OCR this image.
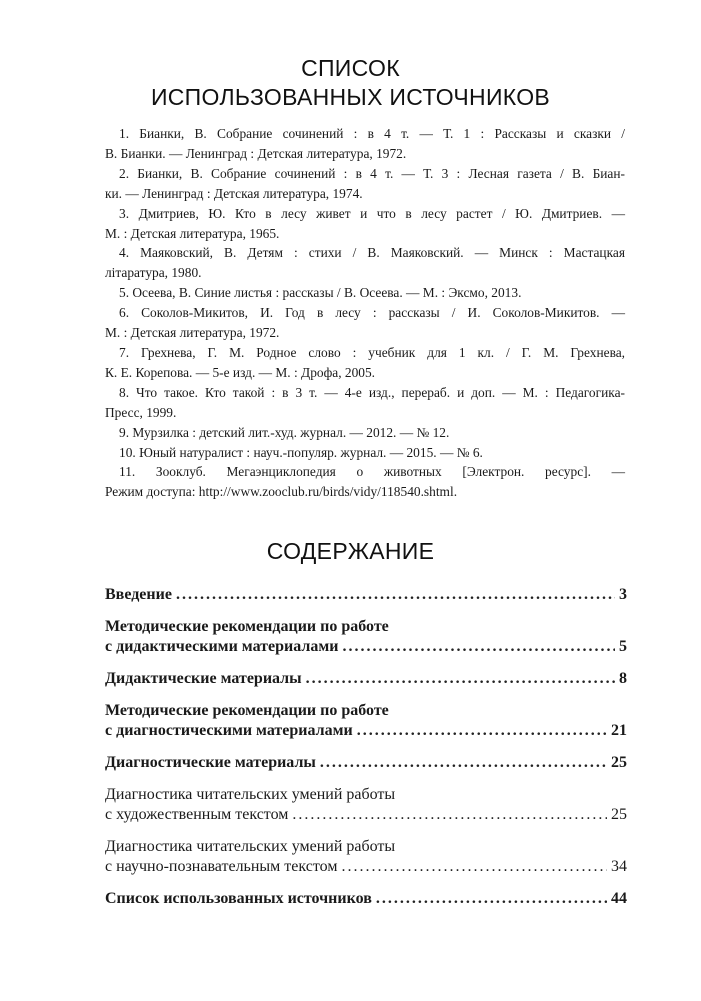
СПИСОК
ИСПОЛЬЗОВАННЫХ ИСТОЧНИКОВ
1. Бианки, В. Собрание сочинений : в 4 т. — Т. 1 : Рассказы и сказки /
В. Бианки. — Ленинград : Детская литература, 1972.
2. Бианки, В. Собрание сочинений : в 4 т. — Т. 3 : Лесная газета / В. Биан-
ки. — Ленинград : Детская литература, 1974.
3. Дмитриев, Ю. Кто в лесу живет и что в лесу растет / Ю. Дмитриев. —
М. : Детская литература, 1965.
4. Маяковский, В. Детям : стихи / В. Маяковский. — Минск : Мастацкая
літаратура, 1980.
5. Осеева, В. Синие листья : рассказы / В. Осеева. — М. : Эксмо, 2013.
6. Соколов-Микитов, И. Год в лесу : рассказы / И. Соколов-Микитов. —
М. : Детская литература, 1972.
7. Грехнева, Г. М. Родное слово : учебник для 1 кл. / Г. М. Грехнева,
К. Е. Корепова. — 5-е изд. — М. : Дрофа, 2005.
8. Что такое. Кто такой : в 3 т. — 4-е изд., перераб. и доп. — М. : Педагогика-
Пресс, 1999.
9. Мурзилка : детский лит.-худ. журнал. — 2012. — № 12.
10. Юный натуралист : науч.-популяр. журнал. — 2015. — № 6.
11. Зооклуб. Мегаэнциклопедия о животных [Электрон. ресурс]. —
Режим доступа: http://www.zooclub.ru/birds/vidy/118540.shtml.
СОДЕРЖАНИЕ
Введение .....	3
Методические рекомендации по работе
с дидактическими материалами .....	5
Дидактические материалы .....	8
Методические рекомендации по работе
с диагностическими материалами .....	21
Диагностические материалы .....	25
Диагностика читательских умений работы
с художественным текстом .....	25
Диагностика читательских умений работы
с научно-познавательным текстом .....	34
Список использованных источников .....	44
